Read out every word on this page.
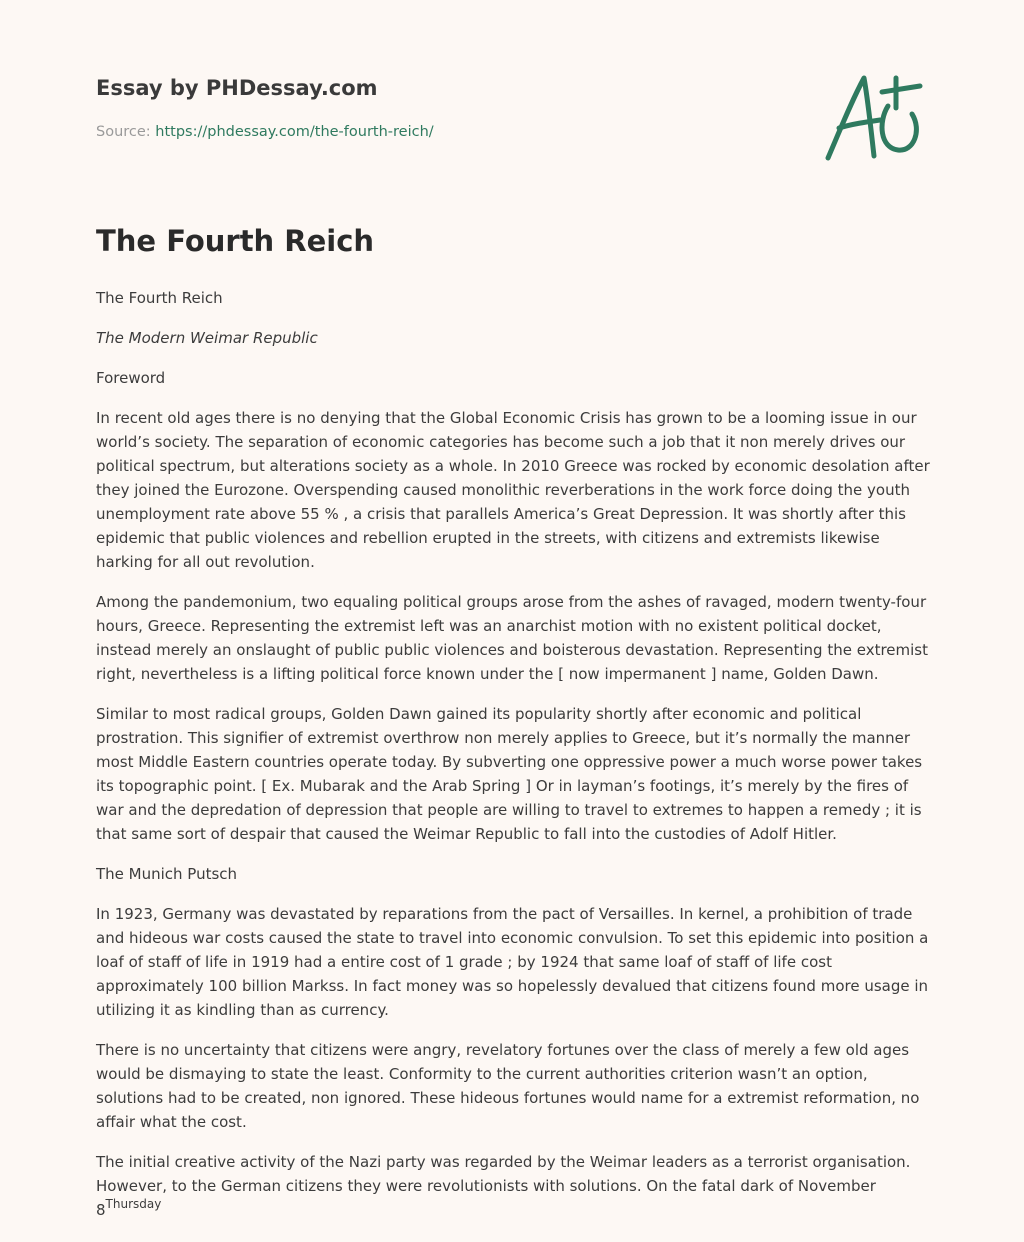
Essay by PHDessay.com
Source: https://phdessay.com/the-fourth-reich/
The Fourth Reich

The Fourth Reich

The Modern Weimar Republic

Foreword

In recent old ages there is no denying that the Global Economic Crisis has grown to be a looming issue in our world’s society. The separation of economic categories has become such a job that it non merely drives our political spectrum, but alterations society as a whole. In 2010 Greece was rocked by economic desolation after they joined the Eurozone. Overspending caused monolithic reverberations in the work force doing the youth unemployment rate above 55 % , a crisis that parallels America’s Great Depression. It was shortly after this epidemic that public violences and rebellion erupted in the streets, with citizens and extremists likewise harking for all out revolution.

Among the pandemonium, two equaling political groups arose from the ashes of ravaged, modern twenty-four hours, Greece. Representing the extremist left was an anarchist motion with no existent political docket, instead merely an onslaught of public public violences and boisterous devastation. Representing the extremist right, nevertheless is a lifting political force known under the [ now impermanent ] name, Golden Dawn.

Similar to most radical groups, Golden Dawn gained its popularity shortly after economic and political prostration. This signifier of extremist overthrow non merely applies to Greece, but it’s normally the manner most Middle Eastern countries operate today. By subverting one oppressive power a much worse power takes its topographic point. [ Ex. Mubarak and the Arab Spring ] Or in layman’s footings, it’s merely by the fires of war and the depredation of depression that people are willing to travel to extremes to happen a remedy ; it is that same sort of despair that caused the Weimar Republic to fall into the custodies of Adolf Hitler.

The Munich Putsch

In 1923, Germany was devastated by reparations from the pact of Versailles. In kernel, a prohibition of trade and hideous war costs caused the state to travel into economic convulsion. To set this epidemic into position a loaf of staff of life in 1919 had a entire cost of 1 grade ; by 1924 that same loaf of staff of life cost approximately 100 billion Markss. In fact money was so hopelessly devalued that citizens found more usage in utilizing it as kindling than as currency.

There is no uncertainty that citizens were angry, revelatory fortunes over the class of merely a few old ages would be dismaying to state the least. Conformity to the current authorities criterion wasn’t an option, solutions had to be created, non ignored. These hideous fortunes would name for a extremist reformation, no affair what the cost.

The initial creative activity of the Nazi party was regarded by the Weimar leaders as a terrorist organisation. However, to the German citizens they were revolutionists with solutions. On the fatal dark of November $8^{Thursday}$
